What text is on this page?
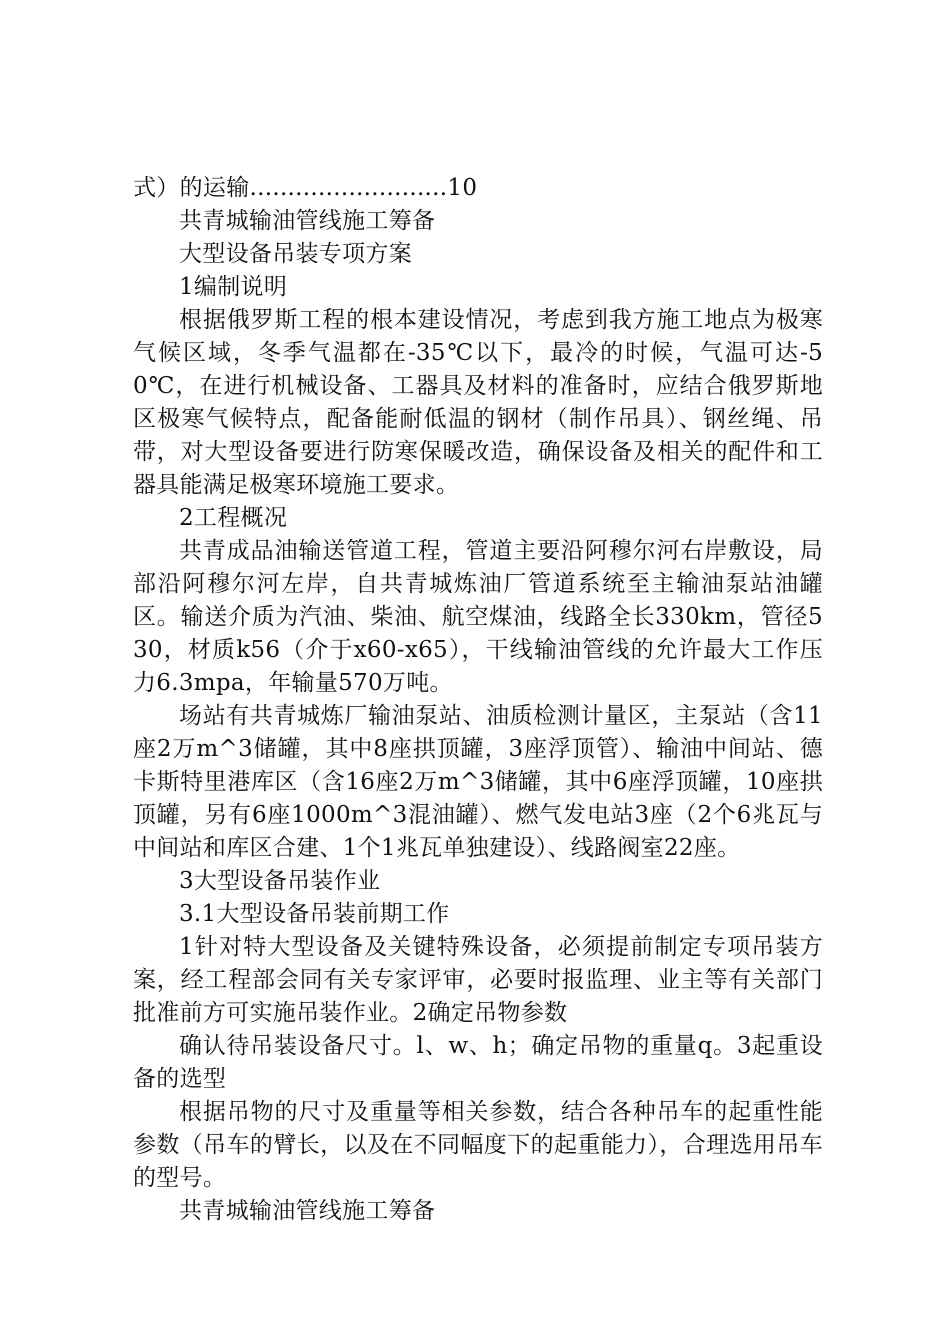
式）的运输..........................10

共青城输油管线施工筹备

大型设备吊装专项方案

1编制说明

根据俄罗斯工程的根本建设情况，考虑到我方施工地点为极寒气候区域，冬季气温都在-35℃以下，最冷的时候，气温可达-50℃，在进行机械设备、工器具及材料的准备时，应结合俄罗斯地区极寒气候特点，配备能耐低温的钢材（制作吊具）、钢丝绳、吊带，对大型设备要进行防寒保暖改造，确保设备及相关的配件和工器具能满足极寒环境施工要求。

2工程概况

共青成品油输送管道工程，管道主要沿阿穆尔河右岸敷设，局部沿阿穆尔河左岸，自共青城炼油厂管道系统至主输油泵站油罐区。输送介质为汽油、柴油、航空煤油，线路全长330km，管径530，材质k56（介于x60-x65），干线输油管线的允许最大工作压力6.3mpa，年输量570万吨。

场站有共青城炼厂输油泵站、油质检测计量区，主泵站（含11座2万m^3储罐，其中8座拱顶罐，3座浮顶管）、输油中间站、德卡斯特里港库区（含16座2万m^3储罐，其中6座浮顶罐，10座拱顶罐，另有6座1000m^3混油罐）、燃气发电站3座（2个6兆瓦与中间站和库区合建、1个1兆瓦单独建设）、线路阀室22座。

3大型设备吊装作业

3.1大型设备吊装前期工作

1针对特大型设备及关键特殊设备，必须提前制定专项吊装方案，经工程部会同有关专家评审，必要时报监理、业主等有关部门批准前方可实施吊装作业。2确定吊物参数

确认待吊装设备尺寸。l、w、h；确定吊物的重量q。3起重设备的选型

根据吊物的尺寸及重量等相关参数，结合各种吊车的起重性能参数（吊车的臂长，以及在不同幅度下的起重能力），合理选用吊车的型号。

共青城输油管线施工筹备
